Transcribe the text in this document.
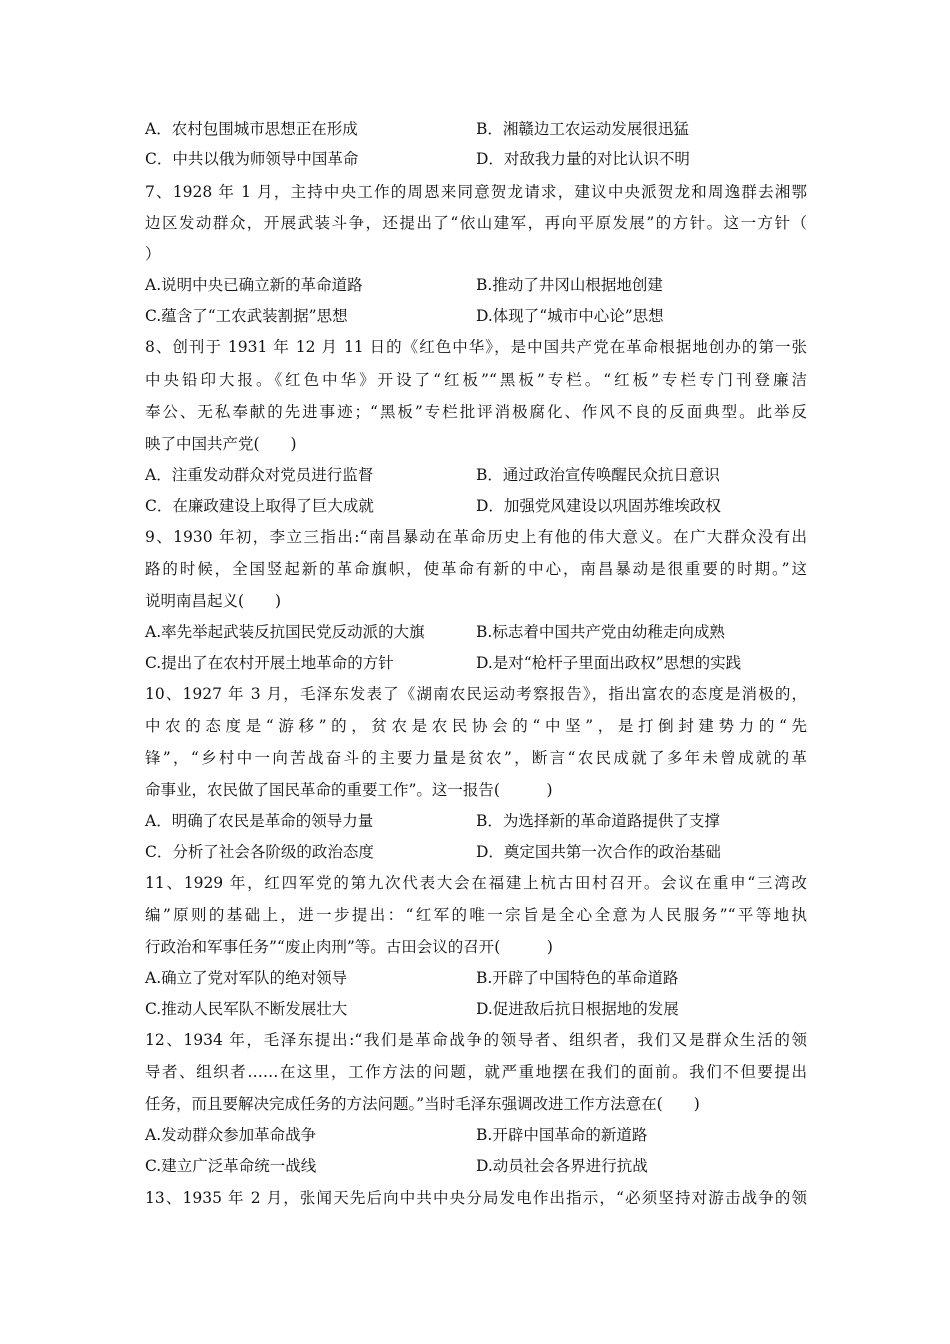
A．农村包围城市思想正在形成	B．湘赣边工农运动发展很迅猛
C．中共以俄为师领导中国革命	D．对敌我力量的对比认识不明
7、1928 年 1 月，主持中央工作的周恩来同意贺龙请求，建议中央派贺龙和周逸群去湘鄂
边区发动群众，开展武装斗争，还提出了“依山建军，再向平原发展”的方针。这一方针（
）
A.说明中央已确立新的革命道路	B.推动了井冈山根据地创建
C.蕴含了“工农武装割据”思想	D.体现了“城市中心论”思想
8、创刊于 1931 年 12 月 11 日的《红色中华》，是中国共产党在革命根据地创办的第一张
中央铅印大报。《红色中华》开设了“红板”“黑板”专栏。“红板”专栏专门刊登廉洁
奉公、无私奉献的先进事迹；“黑板”专栏批评消极腐化、作风不良的反面典型。此举反
映了中国共产党(　　)
A．注重发动群众对党员进行监督	B．通过政治宣传唤醒民众抗日意识
C．在廉政建设上取得了巨大成就	D．加强党风建设以巩固苏维埃政权
9、1930 年初，李立三指出:“南昌暴动在革命历史上有他的伟大意义。在广大群众没有出
路的时候，全国竖起新的革命旗帜，使革命有新的中心，南昌暴动是很重要的时期。”这
说明南昌起义(　　)
A.率先举起武装反抗国民党反动派的大旗	B.标志着中国共产党由幼稚走向成熟
C.提出了在农村开展土地革命的方针	D.是对“枪杆子里面出政权”思想的实践
10、1927 年 3 月，毛泽东发表了《湖南农民运动考察报告》，指出富农的态度是消极的，
中农的态度是“游移”的，贫农是农民协会的“中坚”，是打倒封建势力的“先
锋”，“乡村中一向苦战奋斗的主要力量是贫农”，断言“农民成就了多年未曾成就的革
命事业，农民做了国民革命的重要工作”。这一报告(　　　)
A．明确了农民是革命的领导力量	B．为选择新的革命道路提供了支撑
C．分析了社会各阶级的政治态度	D．奠定国共第一次合作的政治基础
11、1929 年，红四军党的第九次代表大会在福建上杭古田村召开。会议在重申“三湾改
编”原则的基础上，进一步提出：“红军的唯一宗旨是全心全意为人民服务”“平等地执
行政治和军事任务”“废止肉刑”等。古田会议的召开(　　　)
A.确立了党对军队的绝对领导	B.开辟了中国特色的革命道路
C.推动人民军队不断发展壮大	D.促进敌后抗日根据地的发展
12、1934 年，毛泽东提出:“我们是革命战争的领导者、组织者，我们又是群众生活的领
导者、组织者……在这里，工作方法的问题，就严重地摆在我们的面前。我们不但要提出
任务，而且要解决完成任务的方法问题。”当时毛泽东强调改进工作方法意在(　　)
A.发动群众参加革命战争	B.开辟中国革命的新道路
C.建立广泛革命统一战线	D.动员社会各界进行抗战
13、1935 年 2 月，张闻天先后向中共中央分局发电作出指示，“必须坚持对游击战争的领
